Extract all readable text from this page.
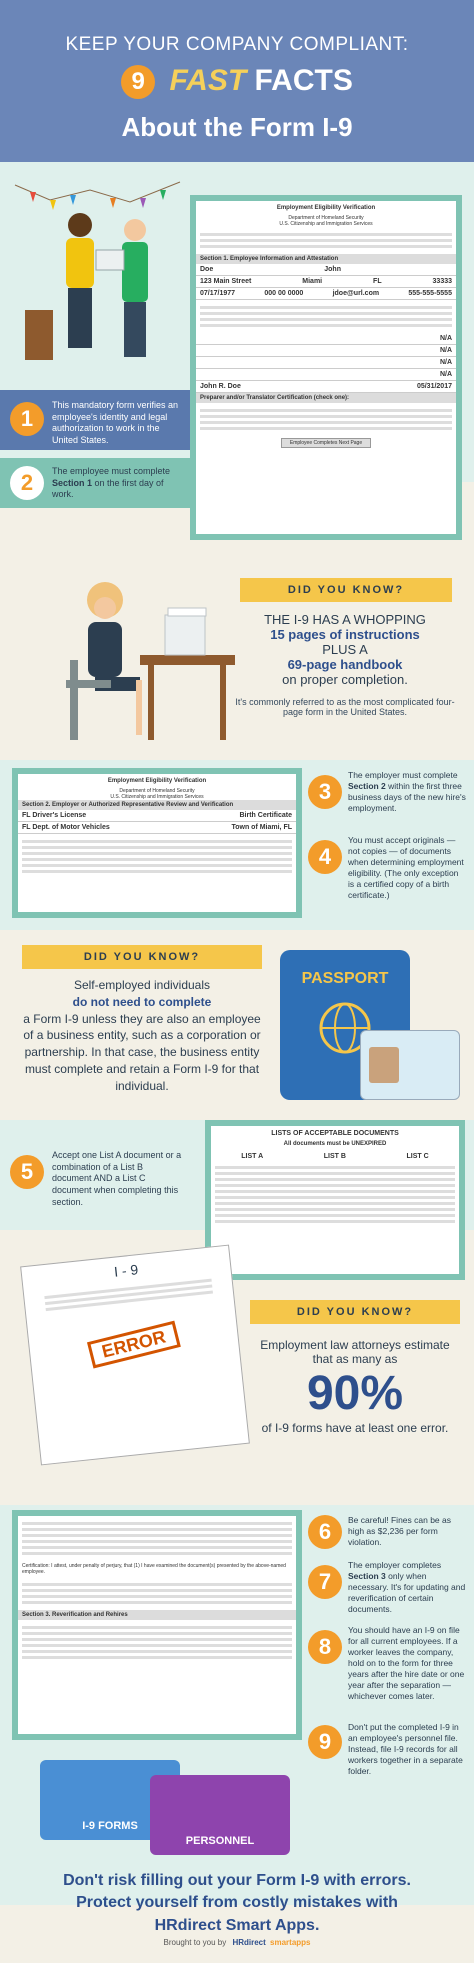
KEEP YOUR COMPANY COMPLIANT:
9 FAST FACTS
About the Form I-9
Employment Eligibility Verification
Department of Homeland Security
U.S. Citizenship and Immigration Services
Section 1. Employee Information and Attestation
Doe	John
123 Main Street	Miami	FL	33333
07/17/1977	000 00 0000	jdoe@url.com	555-555-5555
N/A
N/A
N/A
N/A
John R. Doe	05/31/2017
Preparer and/or Translator Certification (check one):
Employee Completes Next Page
1
This mandatory form verifies an employee's identity and legal authorization to work in the United States.
2	The employee must complete Section 1 on the first day of work.
DID YOU KNOW?
THE I-9 HAS A WHOPPING
15 pages of instructions
PLUS A
69-page handbook
on proper completion.
It's commonly referred to as the most complicated four-page form in the United States.
Employment Eligibility Verification
Department of Homeland Security
U.S. Citizenship and Immigration Services
Section 2. Employer or Authorized Representative Review and Verification
FL Driver's License	Birth Certificate
FL Dept. of Motor Vehicles	Town of Miami, FL
3
The employer must complete Section 2 within the first three business days of the new hire's employment.
4
You must accept originals — not copies — of documents when determining employment eligibility. (The only exception is a certified copy of a birth certificate.)
DID YOU KNOW?
Self-employed individuals
do not need to complete
a Form I-9 unless they are also an employee of a business entity, such as a corporation or partnership. In that case, the business entity must complete and retain a Form I-9 for that individual.
PASSPORT
5
Accept one List A document or a combination of a List B document AND a List C document when completing this section.
LISTS OF ACCEPTABLE DOCUMENTS
All documents must be UNEXPIRED
LIST A	LIST B	LIST C
I - 9
ERROR
DID YOU KNOW?
Employment law attorneys estimate that as many as
90%
of I-9 forms have at least one error.
Certification: I attest, under penalty of perjury, that (1) I have examined the document(s) presented by the above-named employee.
Section 3. Reverification and Rehires
6	Be careful! Fines can be as high as $2,236 per form violation.
7
The employer completes Section 3 only when necessary. It's for updating and reverification of certain documents.
8
You should have an I-9 on file for all current employees. If a worker leaves the company, hold on to the form for three years after the hire date or one year after the separation — whichever comes later.
9
Don't put the completed I-9 in an employee's personnel file. Instead, file I-9 records for all workers together in a separate folder.
I-9 FORMS
PERSONNEL
Don't risk filling out your Form I-9 with errors.
Protect yourself from costly mistakes with
HRdirect Smart Apps.
Brought to you by HRdirect smartapps
